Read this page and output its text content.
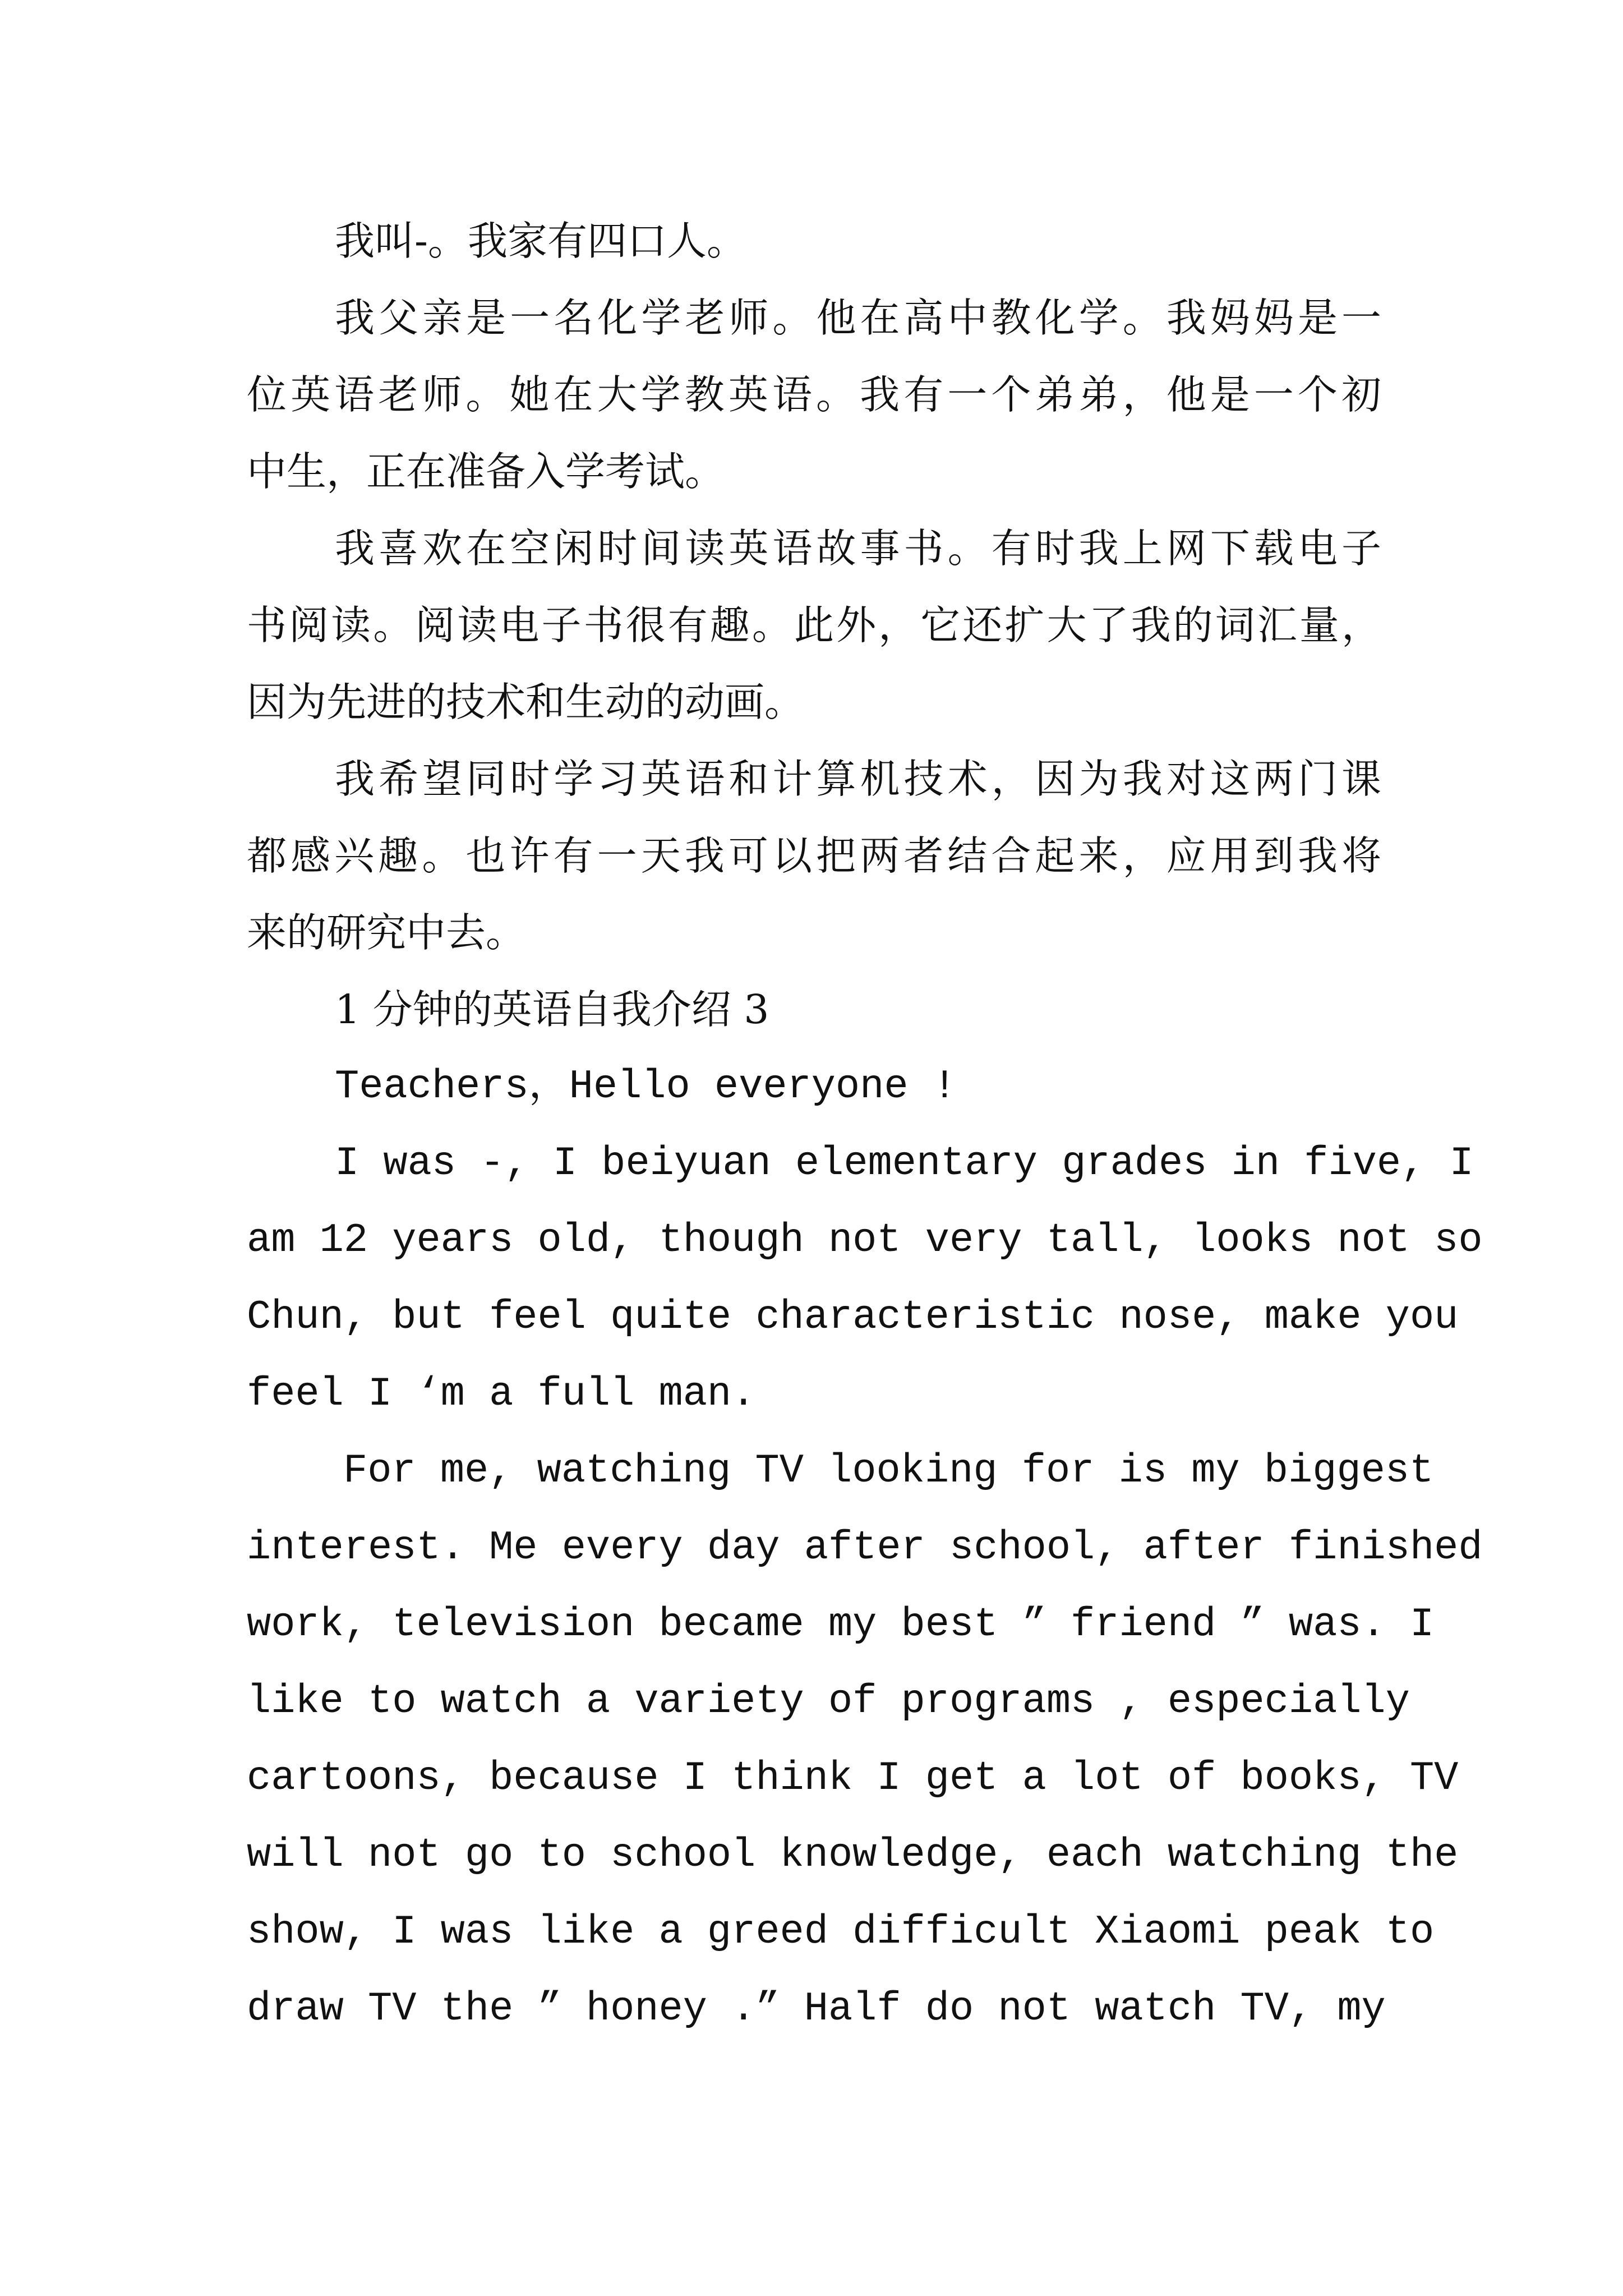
我叫-。我家有四口人。
我父亲是一名化学老师。他在高中教化学。我妈妈是一
位英语老师。她在大学教英语。我有一个弟弟，他是一个初
中生，正在准备入学考试。
我喜欢在空闲时间读英语故事书。有时我上网下载电子
书阅读。阅读电子书很有趣。此外，它还扩大了我的词汇量，
因为先进的技术和生动的动画。
我希望同时学习英语和计算机技术，因为我对这两门课
都感兴趣。也许有一天我可以把两者结合起来，应用到我将
来的研究中去。
1 分钟的英语自我介绍 3
Teachers，Hello everyone !
I was -, I beiyuan elementary grades in five, I
am 12 years old, though not very tall, looks not so
Chun, but feel quite characteristic nose, make you
feel I ‘m a full man.
For me, watching TV looking for is my biggest
interest. Me every day after school, after finished
work, television became my best ” friend ” was. I
like to watch a variety of programs , especially
cartoons, because I think I get a lot of books, TV
will not go to school knowledge, each watching the
show, I was like a greed difficult Xiaomi peak to
draw TV the ” honey .” Half do not watch TV, my
